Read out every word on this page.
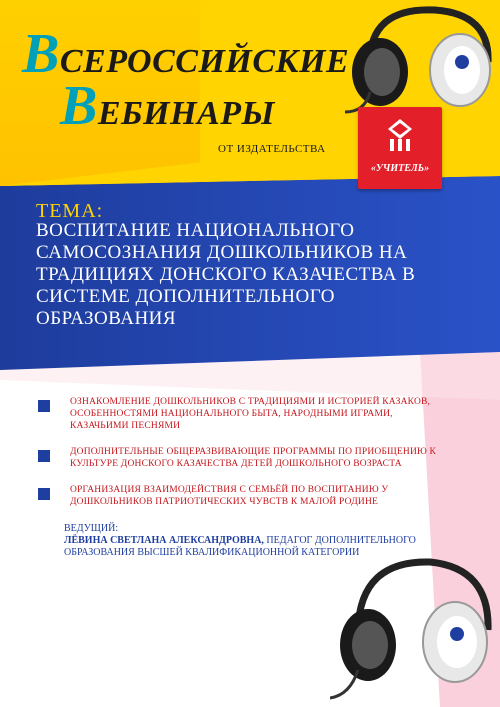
ВСЕРОССИЙСКИЕ
ВЕБИНАРЫ
ОТ ИЗДАТЕЛЬСТВА
«УЧИТЕЛЬ»
ТЕМА:
ВОСПИТАНИЕ НАЦИОНАЛЬНОГО САМОСОЗНАНИЯ ДОШКОЛЬНИКОВ НА ТРАДИЦИЯХ ДОНСКОГО КАЗАЧЕСТВА В СИСТЕМЕ ДОПОЛНИТЕЛЬНОГО ОБРАЗОВАНИЯ
ОЗНАКОМЛЕНИЕ ДОШКОЛЬНИКОВ С ТРАДИЦИЯМИ И ИСТОРИЕЙ КАЗАКОВ, ОСОБЕННОСТЯМИ НАЦИОНАЛЬНОГО БЫТА, НАРОДНЫМИ ИГРАМИ, КАЗАЧЬИМИ ПЕСНЯМИ
ДОПОЛНИТЕЛЬНЫЕ ОБЩЕРАЗВИВАЮЩИЕ ПРОГРАММЫ ПО ПРИОБЩЕНИЮ К КУЛЬТУРЕ ДОНСКОГО КАЗАЧЕСТВА ДЕТЕЙ ДОШКОЛЬНОГО ВОЗРАСТА
ОРГАНИЗАЦИЯ ВЗАИМОДЕЙСТВИЯ С СЕМЬЁЙ ПО ВОСПИТАНИЮ У ДОШКОЛЬНИКОВ ПАТРИОТИЧЕСКИХ ЧУВСТВ К МАЛОЙ РОДИНЕ
ВЕДУЩИЙ:
ЛЁВИНА СВЕТЛАНА АЛЕКСАНДРОВНА, ПЕДАГОГ ДОПОЛНИТЕЛЬНОГО ОБРАЗОВАНИЯ ВЫСШЕЙ КВАЛИФИКАЦИОННОЙ КАТЕГОРИИ
